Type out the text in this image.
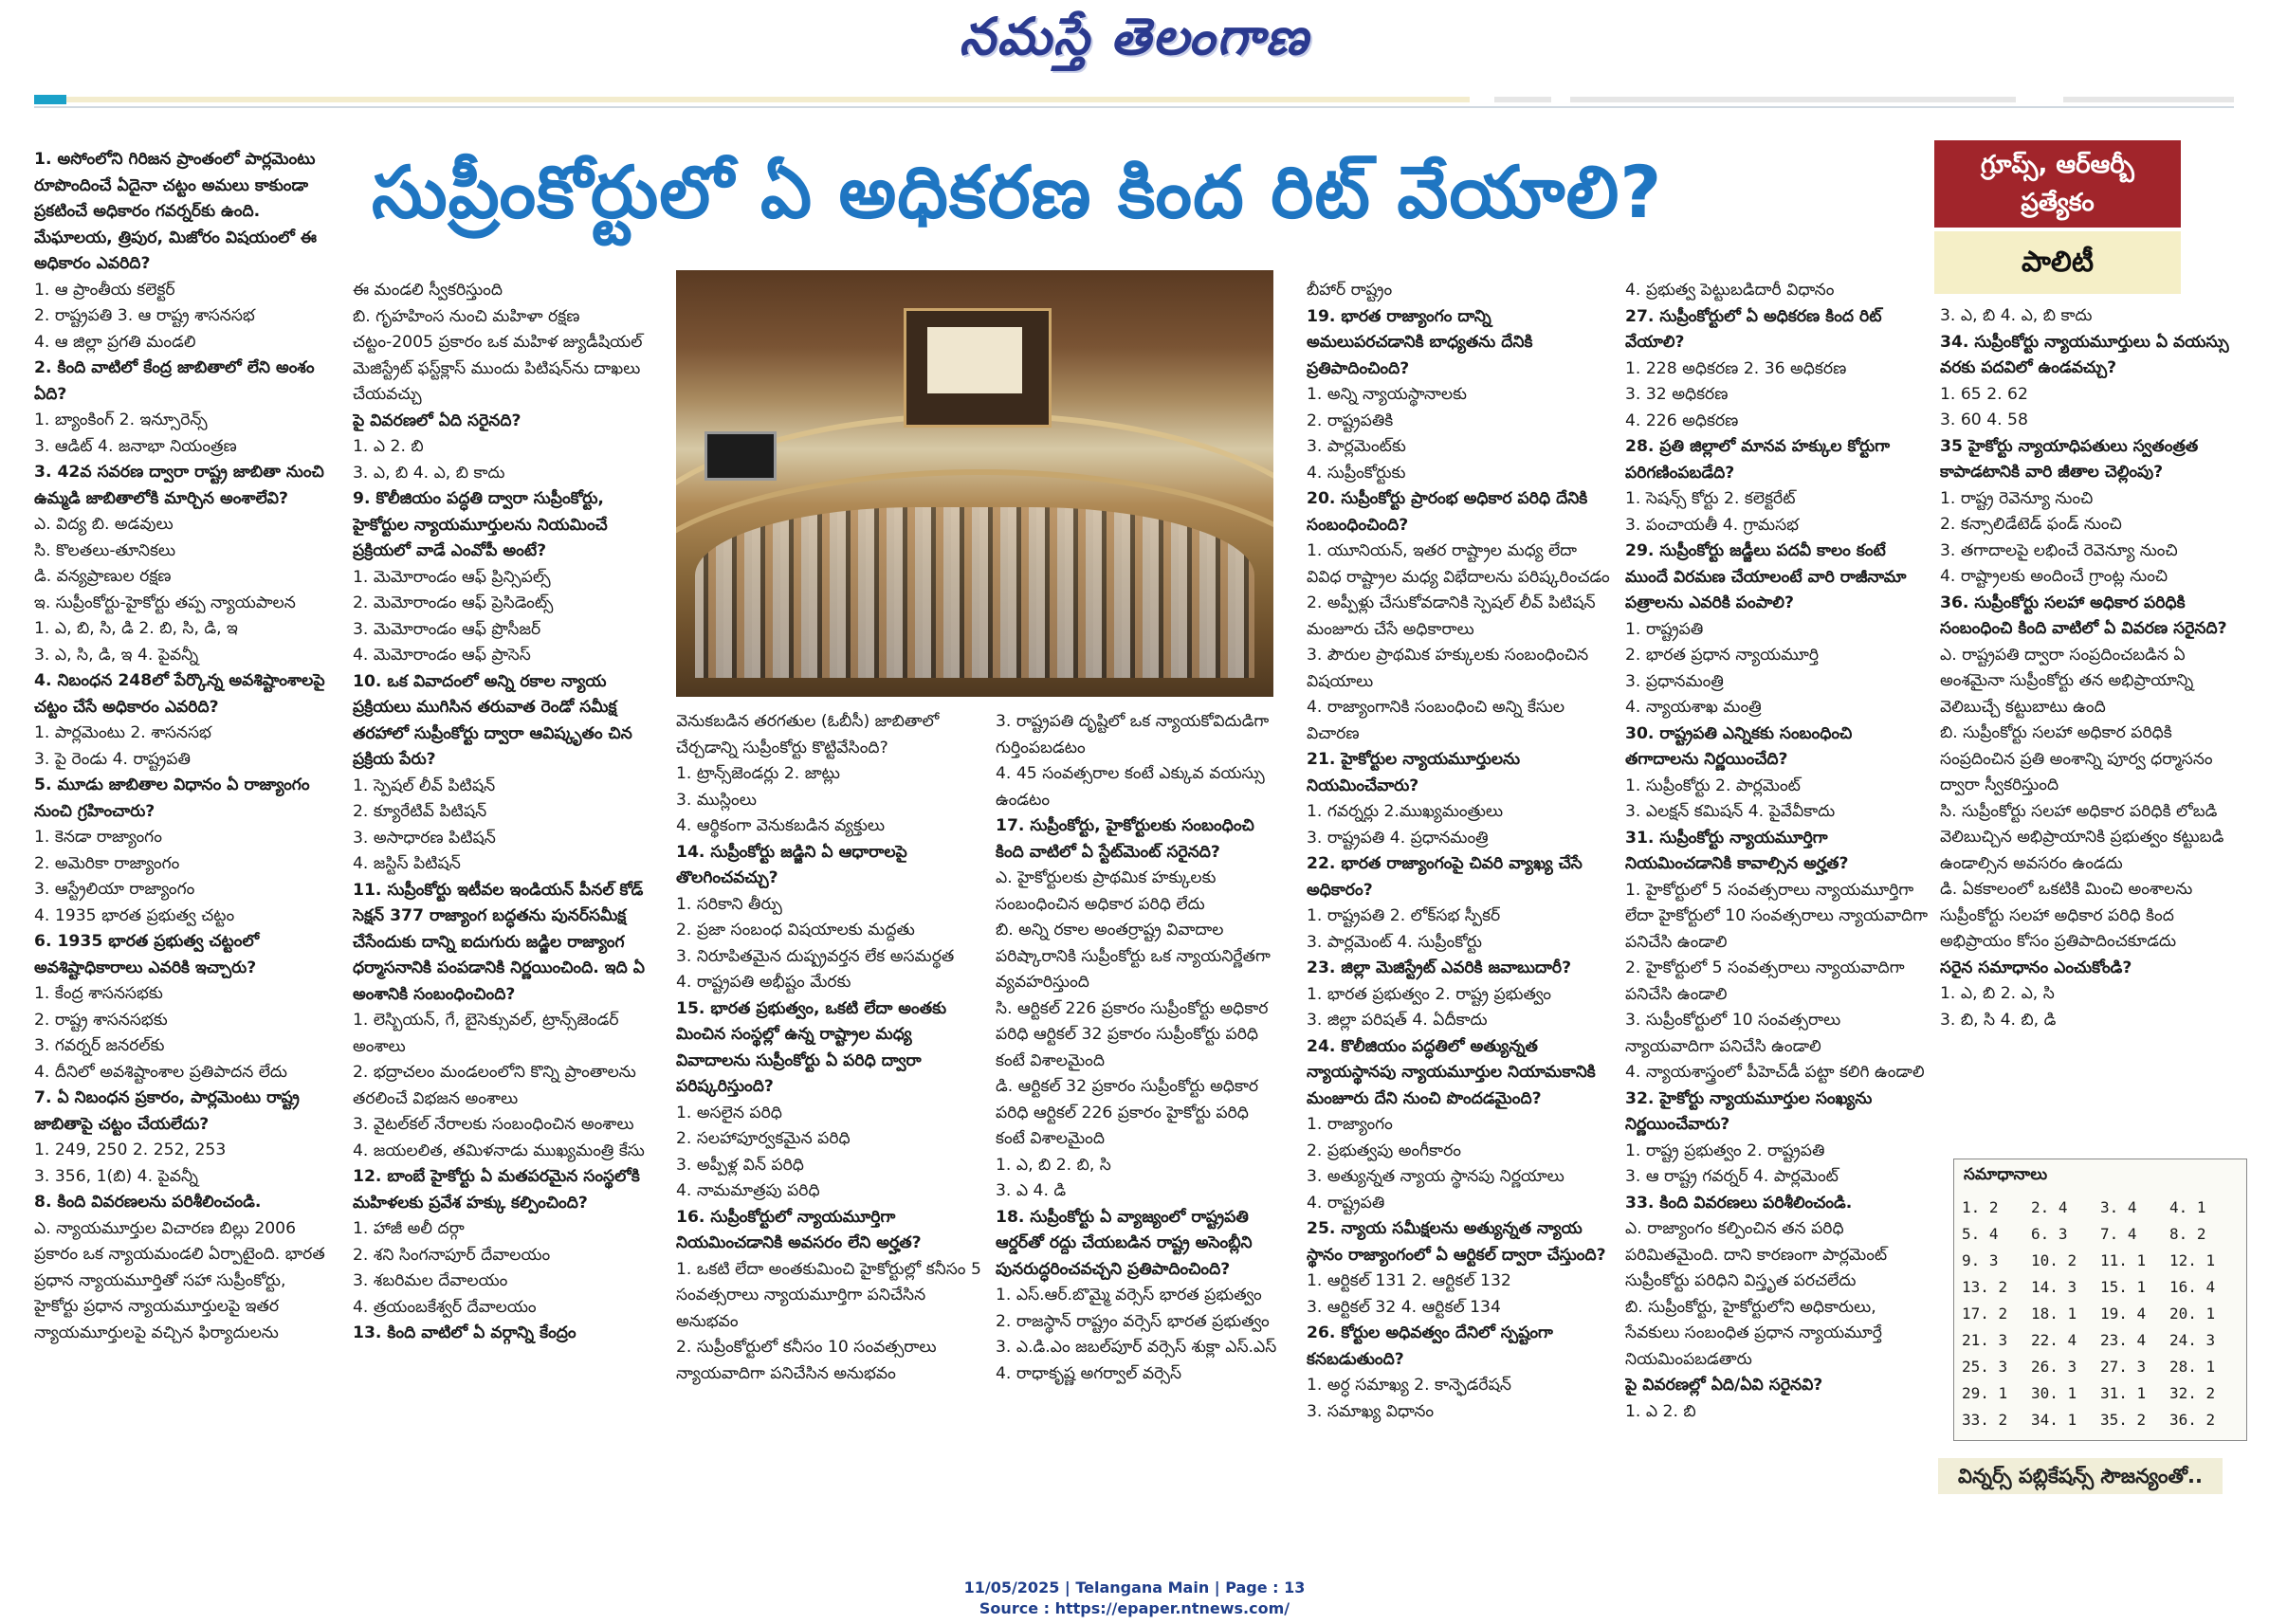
నమస్తే తెలంగాణ
సుప్రీంకోర్టులో ఏ అధికరణ కింద రిట్ వేయాలి?	గ్రూప్స్, ఆర్ఆర్బీ ప్రత్యేకం
పాలిటీ

1. అసోంలోని గిరిజన ప్రాంతంలో పార్లమెంటు రూపొందించే ఏదైనా చట్టం అమలు కాకుండా ప్రకటించే అధికారం గవర్నర్‌కు ఉంది. మేఘాలయ, త్రిపుర, మిజోరం విషయంలో ఈ అధికారం ఎవరిది?

1. ఆ ప్రాంతీయ కలెక్టర్

2. రాష్ట్రపతి 3. ఆ రాష్ట్ర శాసనసభ

4. ఆ జిల్లా ప్రగతి మండలి

2. కింది వాటిలో కేంద్ర జాబితాలో లేని అంశం ఏది?

1. బ్యాంకింగ్ 2. ఇన్సూరెన్స్

3. ఆడిట్ 4. జనాభా నియంత్రణ

3. 42వ సవరణ ద్వారా రాష్ట్ర జాబితా నుంచి ఉమ్మడి జాబితాలోకి మార్చిన అంశాలేవి?

ఎ. విద్య బి. అడవులు

సి. కొలతలు-తూనికలు

డి. వన్యప్రాణుల రక్షణ

ఇ. సుప్రీంకోర్టు-హైకోర్టు తప్ప న్యాయపాలన

1. ఎ, బి, సి, డి 2. బి, సి, డి, ఇ

3. ఎ, సి, డి, ఇ 4. పైవన్నీ

4. నిబంధన 248లో పేర్కొన్న అవశిష్టాంశాలపై చట్టం చేసే అధికారం ఎవరిది?

1. పార్లమెంటు 2. శాసనసభ

3. పై రెండు 4. రాష్ట్రపతి

5. మూడు జాబితాల విధానం ఏ రాజ్యాంగం నుంచి గ్రహించారు?

1. కెనడా రాజ్యాంగం

2. అమెరికా రాజ్యాంగం

3. ఆస్ట్రేలియా రాజ్యాంగం

4. 1935 భారత ప్రభుత్వ చట్టం

6. 1935 భారత ప్రభుత్వ చట్టంలో అవశిష్టాధికారాలు ఎవరికి ఇచ్చారు?

1. కేంద్ర శాసనసభకు

2. రాష్ట్ర శాసనసభకు

3. గవర్నర్ జనరల్‌కు

4. దీనిలో అవశిష్టాంశాల ప్రతిపాదన లేదు

7. ఏ నిబంధన ప్రకారం, పార్లమెంటు రాష్ట్ర జాబితాపై చట్టం చేయలేదు?

1. 249, 250 2. 252, 253

3. 356, 1(బి) 4. పైవన్నీ

8. కింది వివరణలను పరిశీలించండి.

ఎ. న్యాయమూర్తుల విచారణ బిల్లు 2006 ప్రకారం ఒక న్యాయమండలి ఏర్పాటైంది. భారత ప్రధాన న్యాయమూర్తితో సహా సుప్రీంకోర్టు, హైకోర్టు ప్రధాన న్యాయమూర్తులపై ఇతర న్యాయమూర్తులపై వచ్చిన ఫిర్యాదులను

ఈ మండలి స్వీకరిస్తుంది

బి. గృహహింస నుంచి మహిళా రక్షణ చట్టం-2005 ప్రకారం ఒక మహిళ జ్యుడీషియల్ మెజిస్ట్రేట్ ఫస్ట్‌క్లాస్ ముందు పిటిషన్‌ను దాఖలు చేయవచ్చు

పై వివరణలో ఏది సరైనది?

1. ఎ 2. బి

3. ఎ, బి 4. ఎ, బి కాదు

9. కొలీజియం పద్ధతి ద్వారా సుప్రీంకోర్టు, హైకోర్టుల న్యాయమూర్తులను నియమించే ప్రక్రియలో వాడే ఎంవోపీ అంటే?

1. మెమోరాండం ఆఫ్ ప్రిన్సిపల్స్

2. మెమోరాండం ఆఫ్ ప్రెసిడెంట్స్

3. మెమోరాండం ఆఫ్ ప్రొసీజర్

4. మెమోరాండం ఆఫ్ ప్రాసెస్

10. ఒక వివాదంలో అన్ని రకాల న్యాయ ప్రక్రియలు ముగిసిన తరువాత రెండో సమీక్ష తరహాలో సుప్రీంకోర్టు ద్వారా ఆవిష్కృతం చిన ప్రక్రియ పేరు?

1. స్పెషల్ లీవ్ పిటిషన్

2. క్యూరేటివ్ పిటిషన్

3. అసాధారణ పిటిషన్

4. జస్టిస్ పిటిషన్

11. సుప్రీంకోర్టు ఇటీవల ఇండియన్ పీనల్ కోడ్ సెక్షన్ 377 రాజ్యాంగ బద్ధతను పునర్‌సమీక్ష చేసేందుకు దాన్ని ఐదుగురు జడ్జిల రాజ్యాంగ ధర్మాసనానికి పంపడానికి నిర్ణయించింది. ఇది ఏ అంశానికి సంబంధించింది?

1. లెస్బియన్, గే, బైసెక్సువల్, ట్రాన్స్‌జెండర్ అంశాలు

2. భద్రాచలం మండలంలోని కొన్ని ప్రాంతాలను తరలించే విభజన అంశాలు

3. వైటల్‌కల్ నేరాలకు సంబంధించిన అంశాలు

4. జయలలిత, తమిళనాడు ముఖ్యమంత్రి కేసు

12. బాంబే హైకోర్టు ఏ మతపరమైన సంస్థలోకి మహిళలకు ప్రవేశ హక్కు కల్పించింది?

1. హాజీ అలీ దర్గా

2. శని సింగనాపూర్ దేవాలయం

3. శబరిమల దేవాలయం

4. త్రయంబకేశ్వర్ దేవాలయం

13. కింది వాటిలో ఏ వర్గాన్ని కేంద్రం

వెనుకబడిన తరగతుల (ఓబీసీ) జాబితాలో చేర్చడాన్ని సుప్రీంకోర్టు కొట్టివేసింది?

1. ట్రాన్స్‌జెండర్లు 2. జాట్లు

3. ముస్లింలు

4. ఆర్థికంగా వెనుకబడిన వ్యక్తులు

14. సుప్రీంకోర్టు జడ్జిని ఏ ఆధారాలపై తొలగించవచ్చు?

1. సరికాని తీర్పు

2. ప్రజా సంబంధ విషయాలకు మద్దతు

3. నిరూపితమైన దుష్ప్రవర్తన లేక అసమర్థత

4. రాష్ట్రపతి అభీష్టం మేరకు

15. భారత ప్రభుత్వం, ఒకటి లేదా అంతకు మించిన సంస్థల్లో ఉన్న రాష్ట్రాల మధ్య వివాదాలను సుప్రీంకోర్టు ఏ పరిధి ద్వారా పరిష్కరిస్తుంది?

1. అసలైన పరిధి

2. సలహాపూర్వకమైన పరిధి

3. అప్పీళ్ల విన్ పరిధి

4. నామమాత్రపు పరిధి

16. సుప్రీంకోర్టులో న్యాయమూర్తిగా నియమించడానికి అవసరం లేని అర్హత?

1. ఒకటి లేదా అంతకుమించి హైకోర్టుల్లో కనీసం 5 సంవత్సరాలు న్యాయమూర్తిగా పనిచేసిన అనుభవం

2. సుప్రీంకోర్టులో కనీసం 10 సంవత్సరాలు న్యాయవాదిగా పనిచేసిన అనుభవం

3. రాష్ట్రపతి దృష్టిలో ఒక న్యాయకోవిదుడిగా గుర్తింపబడటం

4. 45 సంవత్సరాల కంటే ఎక్కువ వయస్సు ఉండటం

17. సుప్రీంకోర్టు, హైకోర్టులకు సంబంధించి కింది వాటిలో ఏ స్టేట్‌మెంట్ సరైనది?

ఎ. హైకోర్టులకు ప్రాథమిక హక్కులకు సంబంధించిన అధికార పరిధి లేదు

బి. అన్ని రకాల అంతర్రాష్ట్ర వివాదాల పరిష్కారానికి సుప్రీంకోర్టు ఒక న్యాయనిర్ణేతగా వ్యవహరిస్తుంది

సి. ఆర్టికల్ 226 ప్రకారం సుప్రీంకోర్టు అధికార పరిధి ఆర్టికల్ 32 ప్రకారం సుప్రీంకోర్టు పరిధి కంటే విశాలమైంది

డి. ఆర్టికల్ 32 ప్రకారం సుప్రీంకోర్టు అధికార పరిధి ఆర్టికల్ 226 ప్రకారం హైకోర్టు పరిధి కంటే విశాలమైంది

1. ఎ, బి 2. బి, సి

3. ఎ 4. డి

18. సుప్రీంకోర్టు ఏ వ్యాజ్యంలో రాష్ట్రపతి ఆర్డర్‌తో రద్దు చేయబడిన రాష్ట్ర అసెంబ్లీని పునరుద్ధరించవచ్చని ప్రతిపాదించింది?

1. ఎస్.ఆర్.బొమ్మై వర్సెస్ భారత ప్రభుత్వం

2. రాజస్థాన్ రాష్ట్రం వర్సెస్ భారత ప్రభుత్వం

3. ఎ.డి.ఎం జబల్‌పూర్ వర్సెస్ శుక్లా ఎస్.ఎస్

4. రాధాకృష్ణ అగర్వాల్ వర్సెస్

బీహార్ రాష్ట్రం

19. భారత రాజ్యాంగం దాన్ని అమలుపరచడానికి బాధ్యతను దేనికి ప్రతిపాదించింది?

1. అన్ని న్యాయస్థానాలకు

2. రాష్ట్రపతికి

3. పార్లమెంట్‌కు

4. సుప్రీంకోర్టుకు

20. సుప్రీంకోర్టు ప్రారంభ అధికార పరిధి దేనికి సంబంధించింది?

1. యూనియన్, ఇతర రాష్ట్రాల మధ్య లేదా వివిధ రాష్ట్రాల మధ్య విభేదాలను పరిష్కరించడం

2. అప్పీళ్లు చేసుకోవడానికి స్పెషల్ లీవ్ పిటిషన్ మంజూరు చేసే అధికారాలు

3. పౌరుల ప్రాథమిక హక్కులకు సంబంధించిన విషయాలు

4. రాజ్యాంగానికి సంబంధించి అన్ని కేసుల విచారణ

21. హైకోర్టుల న్యాయమూర్తులను నియమించేవారు?

1. గవర్నర్లు 2.ముఖ్యమంత్రులు

3. రాష్ట్రపతి 4. ప్రధానమంత్రి

22. భారత రాజ్యాంగంపై చివరి వ్యాఖ్య చేసే అధికారం?

1. రాష్ట్రపతి 2. లోక్‌సభ స్పీకర్

3. పార్లమెంట్ 4. సుప్రీంకోర్టు

23. జిల్లా మెజిస్ట్రేట్ ఎవరికి జవాబుదారీ?

1. భారత ప్రభుత్వం 2. రాష్ట్ర ప్రభుత్వం

3. జిల్లా పరిషత్ 4. ఏదీకాదు

24. కొలీజియం పద్ధతిలో అత్యున్నత న్యాయస్థానపు న్యాయమూర్తుల నియామకానికి మంజూరు దేని నుంచి పొందడమైంది?

1. రాజ్యాంగం

2. ప్రభుత్వపు అంగీకారం

3. అత్యున్నత న్యాయ స్థానపు నిర్ణయాలు

4. రాష్ట్రపతి

25. న్యాయ సమీక్షలను అత్యున్నత న్యాయ స్థానం రాజ్యాంగంలో ఏ ఆర్టికల్ ద్వారా చేస్తుంది?

1. ఆర్టికల్ 131 2. ఆర్టికల్ 132

3. ఆర్టికల్ 32 4. ఆర్టికల్ 134

26. కోర్టుల అధివత్వం దేనిలో స్పష్టంగా కనబడుతుంది?

1. అర్ధ సమాఖ్య 2. కాన్ఫెడరేషన్

3. సమాఖ్య విధానం

4. ప్రభుత్వ పెట్టుబడిదారీ విధానం

27. సుప్రీంకోర్టులో ఏ అధికరణ కింద రిట్ వేయాలి?

1. 228 అధికరణ 2. 36 అధికరణ

3. 32 అధికరణ

4. 226 అధికరణ

28. ప్రతి జిల్లాలో మానవ హక్కుల కోర్టుగా పరిగణింపబడేది?

1. సెషన్స్ కోర్టు 2. కలెక్టరేట్

3. పంచాయతీ 4. గ్రామసభ

29. సుప్రీంకోర్టు జడ్జీలు పదవీ కాలం కంటే ముందే విరమణ చేయాలంటే వారి రాజీనామా పత్రాలను ఎవరికి పంపాలి?

1. రాష్ట్రపతి

2. భారత ప్రధాన న్యాయమూర్తి

3. ప్రధానమంత్రి

4. న్యాయశాఖ మంత్రి

30. రాష్ట్రపతి ఎన్నికకు సంబంధించి తగాదాలను నిర్ణయించేది?

1. సుప్రీంకోర్టు 2. పార్లమెంట్

3. ఎలక్షన్ కమిషన్ 4. పైవేవీకాదు

31. సుప్రీంకోర్టు న్యాయమూర్తిగా నియమించడానికి కావాల్సిన అర్హత?

1. హైకోర్టులో 5 సంవత్సరాలు న్యాయమూర్తిగా లేదా హైకోర్టులో 10 సంవత్సరాలు న్యాయవాదిగా పనిచేసి ఉండాలి

2. హైకోర్టులో 5 సంవత్సరాలు న్యాయవాదిగా పనిచేసి ఉండాలి

3. సుప్రీంకోర్టులో 10 సంవత్సరాలు న్యాయవాదిగా పనిచేసి ఉండాలి

4. న్యాయశాస్త్రంలో పీహెచ్‌డీ పట్టా కలిగి ఉండాలి

32. హైకోర్టు న్యాయమూర్తుల సంఖ్యను నిర్ణయించేవారు?

1. రాష్ట్ర ప్రభుత్వం 2. రాష్ట్రపతి

3. ఆ రాష్ట్ర గవర్నర్ 4. పార్లమెంట్

33. కింది వివరణలు పరిశీలించండి.

ఎ. రాజ్యాంగం కల్పించిన తన పరిధి పరిమితమైంది. దాని కారణంగా పార్లమెంట్ సుప్రీంకోర్టు పరిధిని విస్తృత పరచలేదు

బి. సుప్రీంకోర్టు, హైకోర్టులోని అధికారులు, సేవకులు సంబంధిత ప్రధాన న్యాయమూర్తే నియమింపబడతారు

పై వివరణల్లో ఏది/ఏవి సరైనవి?

1. ఎ 2. బి

3. ఎ, బి 4. ఎ, బి కాదు

34. సుప్రీంకోర్టు న్యాయమూర్తులు ఏ వయస్సు వరకు పదవిలో ఉండవచ్చు?

1. 65 2. 62

3. 60 4. 58

35 హైకోర్టు న్యాయాధిపతులు స్వతంత్రత కాపాడటానికి వారి జీతాల చెల్లింపు?

1. రాష్ట్ర రెవెన్యూ నుంచి

2. కన్సాలిడేటెడ్ ఫండ్ నుంచి

3. తగాదాలపై లభించే రెవెన్యూ నుంచి

4. రాష్ట్రాలకు అందించే గ్రాంట్ల నుంచి

36. సుప్రీంకోర్టు సలహా అధికార పరిధికి సంబంధించి కింది వాటిలో ఏ వివరణ సరైనది?

ఎ. రాష్ట్రపతి ద్వారా సంప్రదించబడిన ఏ అంశమైనా సుప్రీంకోర్టు తన అభిప్రాయాన్ని వెలిబుచ్చే కట్టుబాటు ఉంది

బి. సుప్రీంకోర్టు సలహా అధికార పరిధికి సంప్రదించిన ప్రతి అంశాన్ని పూర్వ ధర్మాసనం ద్వారా స్వీకరిస్తుంది

సి. సుప్రీంకోర్టు సలహా అధికార పరిధికి లోబడి వెలిబుచ్చిన అభిప్రాయానికి ప్రభుత్వం కట్టుబడి ఉండాల్సిన అవసరం ఉండదు

డి. ఏకకాలంలో ఒకటికి మించి అంశాలను సుప్రీంకోర్టు సలహా అధికార పరిధి కింద అభిప్రాయం కోసం ప్రతిపాదించకూడదు

సరైన సమాధానం ఎంచుకోండి?

1. ఎ, బి 2. ఎ, సి

3. బి, సి 4. బి, డి

సమాధానాలు
1. 2	2. 4	3. 4	4. 1
5. 4	6. 3	7. 4	8. 2
9. 3	10. 2	11. 1	12. 1
13. 2	14. 3	15. 1	16. 4
17. 2	18. 1	19. 4	20. 1
21. 3	22. 4	23. 4	24. 3
25. 3	26. 3	27. 3	28. 1
29. 1	30. 1	31. 1	32. 2
33. 2	34. 1	35. 2	36. 2
విన్నర్స్ పబ్లికేషన్స్ సౌజన్యంతో..
11/05/2025 | Telangana Main | Page : 13
Source : https://epaper.ntnews.com/
